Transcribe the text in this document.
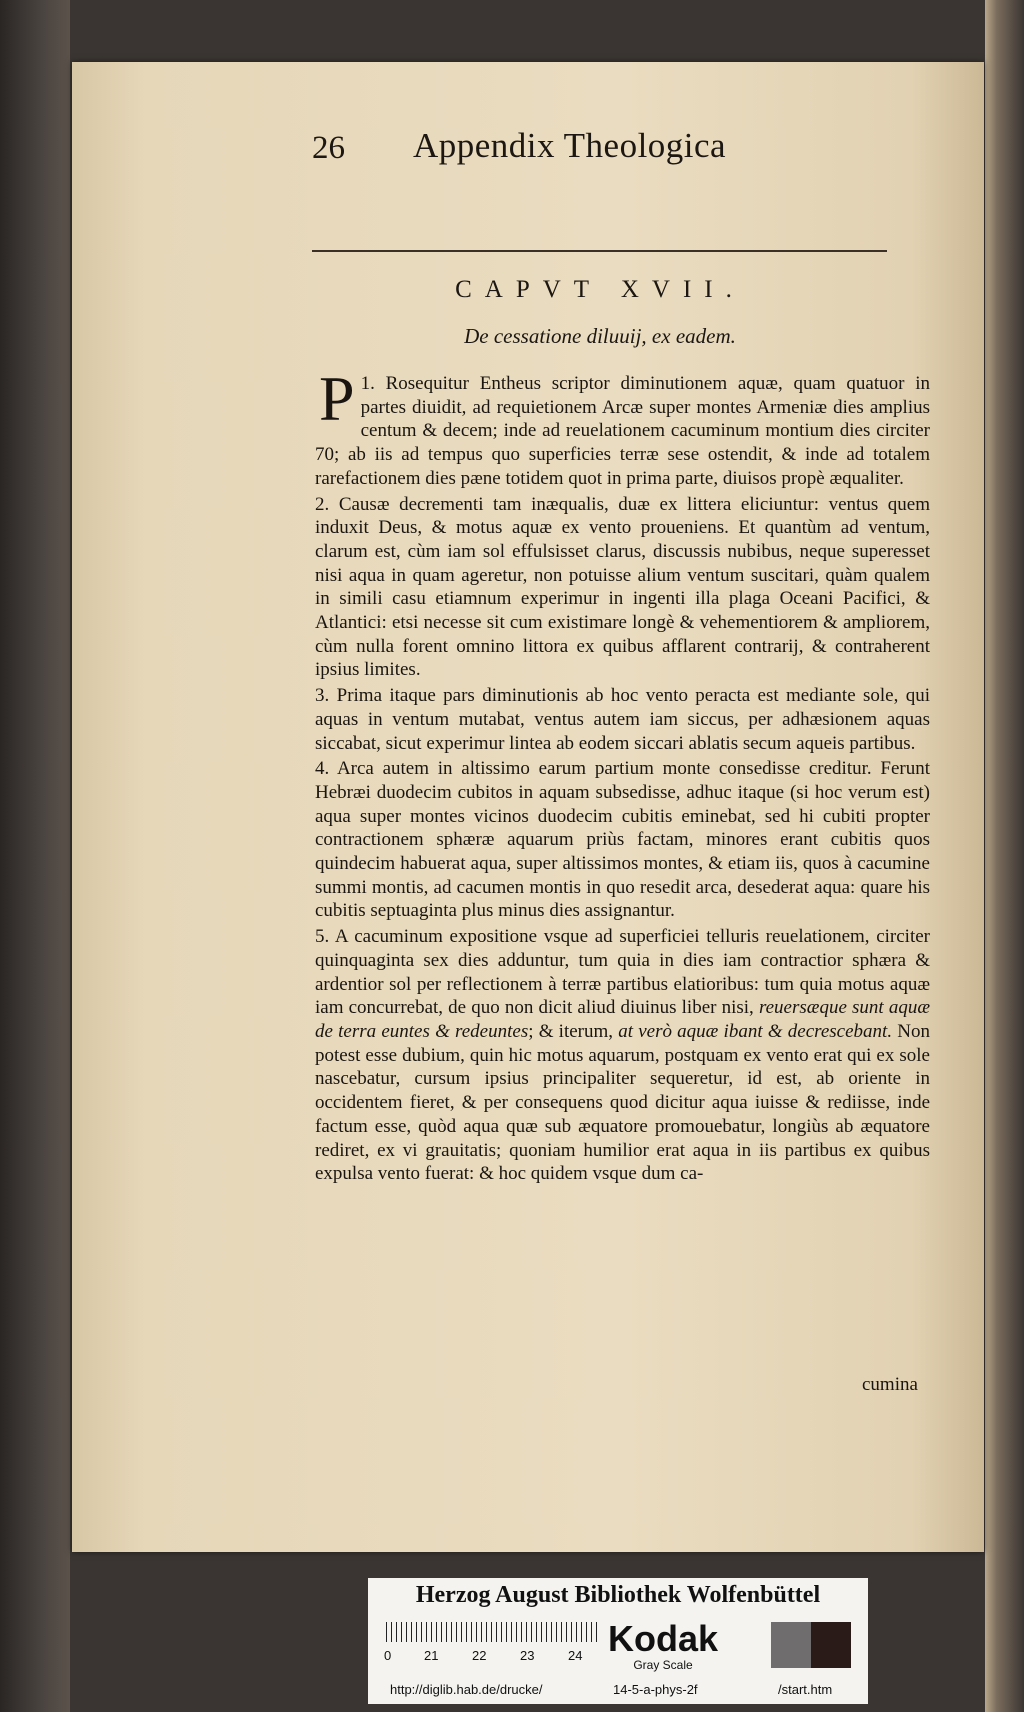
26 Appendix Theologica
CAPVT XVII.
De cessatione diluuij, ex eadem.

1.
P Rosequitur Entheus scriptor diminutionem aquæ, quam quatuor in partes diuidit, ad requietionem Arcæ super montes Armeniæ dies amplius centum & decem; inde ad reuelationem cacuminum montium dies circiter 70; ab iis ad tempus quo superficies terræ sese ostendit, & inde ad totalem rarefactionem dies pæne totidem quot in prima parte, diuisos propè æqualiter.

2. Causæ decrementi tam inæqualis, duæ ex littera eliciuntur: ventus quem induxit Deus, & motus aquæ ex vento proueniens. Et quantùm ad ventum, clarum est, cùm iam sol effulsisset clarus, discussis nubibus, neque superesset nisi aqua in quam ageretur, non potuisse alium ventum suscitari, quàm qualem in simili casu etiamnum experimur in ingenti illa plaga Oceani Pacifici, & Atlantici: etsi necesse sit cum existimare longè & vehementiorem & ampliorem, cùm nulla forent omnino littora ex quibus afflarent contrarij, & contraherent ipsius limites.

3. Prima itaque pars diminutionis ab hoc vento peracta est mediante sole, qui aquas in ventum mutabat, ventus autem iam siccus, per adhæsionem aquas siccabat, sicut experimur lintea ab eodem siccari ablatis secum aqueis partibus.

4. Arca autem in altissimo earum partium monte consedisse creditur. Ferunt Hebræi duodecim cubitos in aquam subsedisse, adhuc itaque (si hoc verum est) aqua super montes vicinos duodecim cubitis eminebat, sed hi cubiti propter contractionem sphæræ aquarum priùs factam, minores erant cubitis quos quindecim habuerat aqua, super altissimos montes, & etiam iis, quos à cacumine summi montis, ad cacumen montis in quo resedit arca, desederat aqua: quare his cubitis septuaginta plus minus dies assignantur.

5. A cacuminum expositione vsque ad superficiei telluris reuelationem, circiter quinquaginta sex dies adduntur, tum quia in dies iam contractior sphæra & ardentior sol per reflectionem à terræ partibus elatioribus: tum quia motus aquæ iam concurrebat, de quo non dicit aliud diuinus liber nisi, reuersæque sunt aquæ de terra euntes & redeuntes; & iterum, at verò aquæ ibant & decrescebant. Non potest esse dubium, quin hic motus aquarum, postquam ex vento erat qui ex sole nascebatur, cursum ipsius principaliter sequeretur, id est, ab oriente in occidentem fieret, & per consequens quod dicitur aqua iuisse & rediisse, inde factum esse, quòd aqua quæ sub æquatore promouebatur, longiùs ab æquatore rediret, ex vi grauitatis; quoniam humilior erat aqua in iis partibus ex quibus expulsa vento fuerat: & hoc quidem vsque dum ca-

cumina
Herzog August Bibliothek Wolfenbüttel
0	21	22	23	24 Kodak
Gray Scale
http://diglib.hab.de/drucke/	14-5-a-phys-2f	/start.htm
